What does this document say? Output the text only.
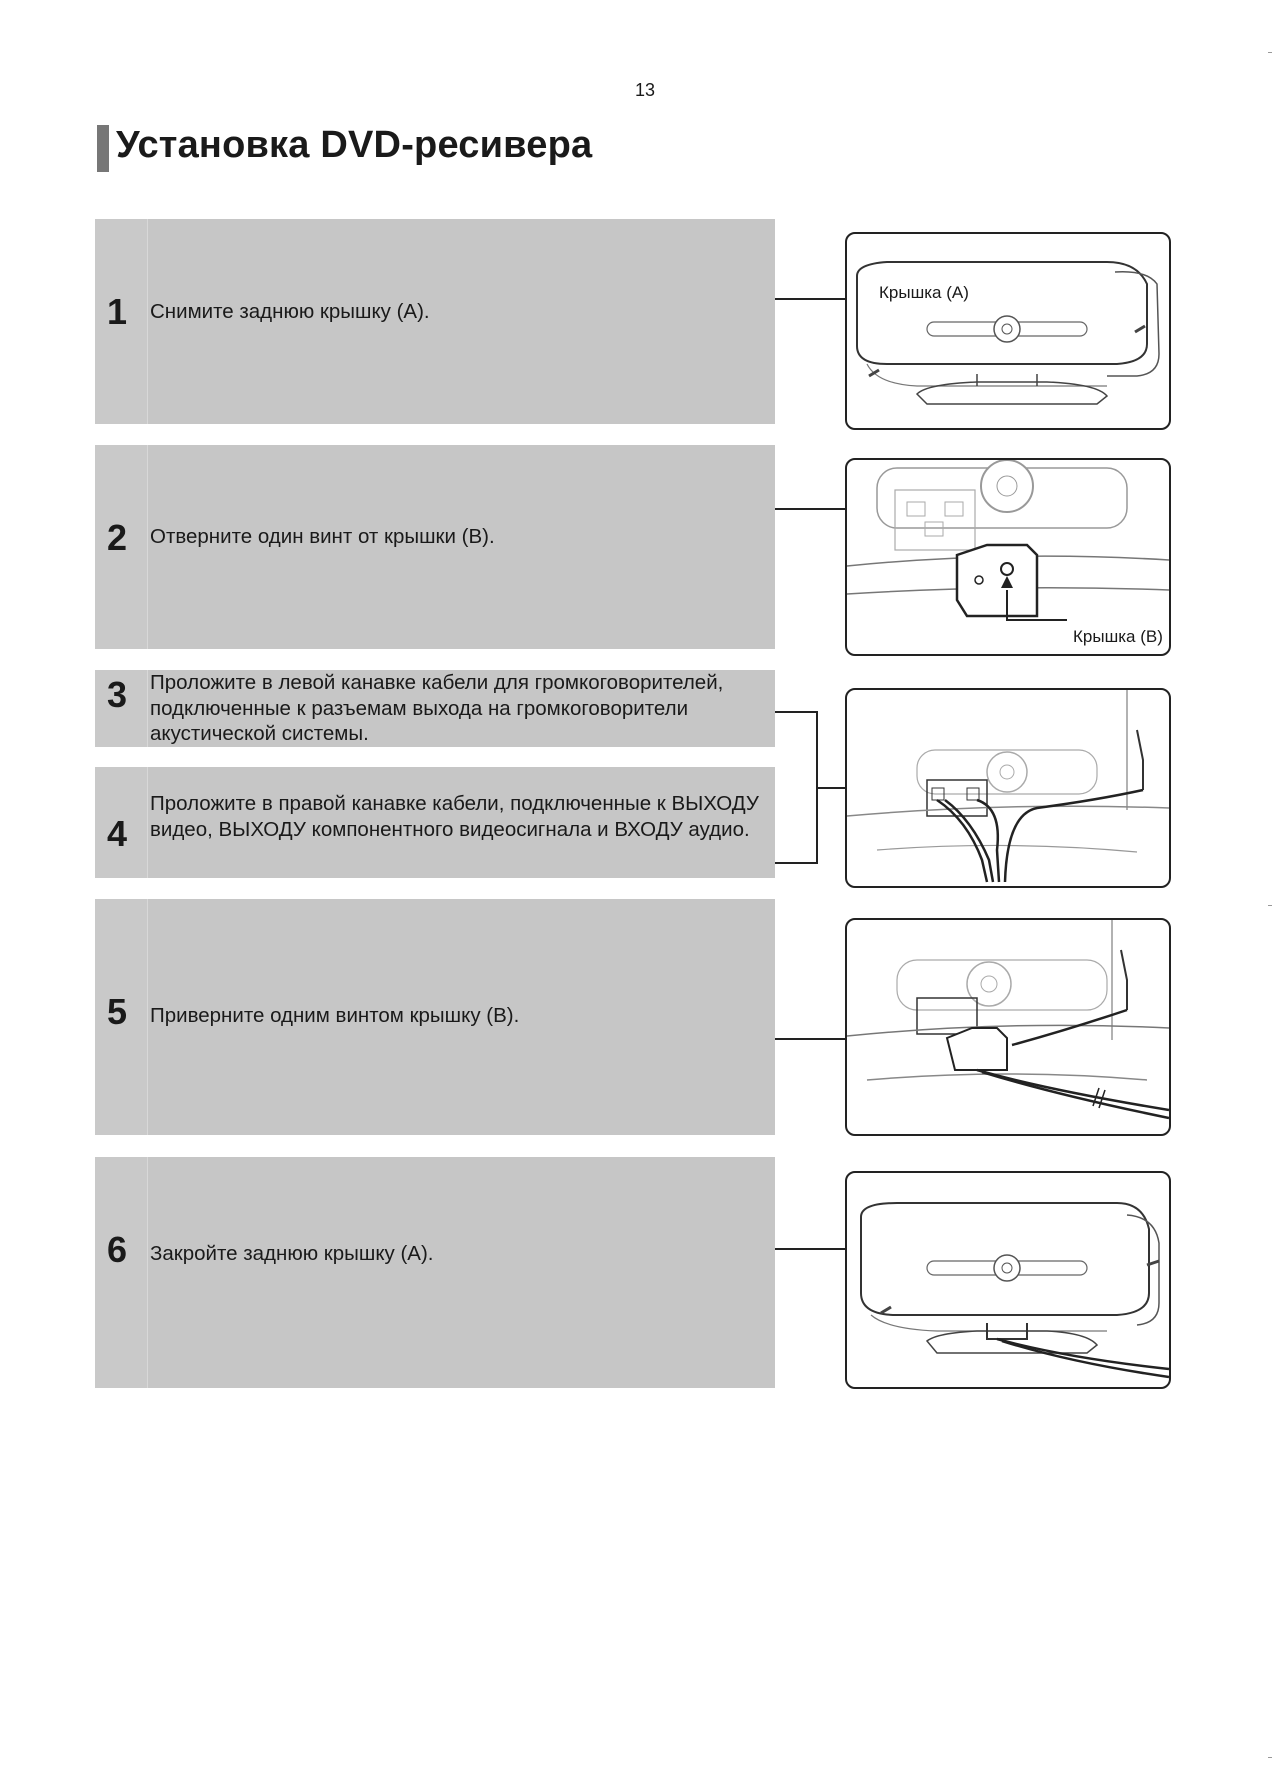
13
Установка DVD-ресивера
1 Снимите заднюю крышку (A).
2 Отверните один винт от крышки (B).
3 Проложите в левой канавке кабели для громкоговорителей, подключенные к разъемам выхода на громкоговорители акустической системы.
4
Проложите в правой канавке кабели, подключенные к ВЫХОДУ видео, ВЫХОДУ компонентного видеосигнала и ВХОДУ аудио.
5 Приверните одним винтом крышку (B).
6 Закройте заднюю крышку (A).
Крышка (A)
Крышка (B)
